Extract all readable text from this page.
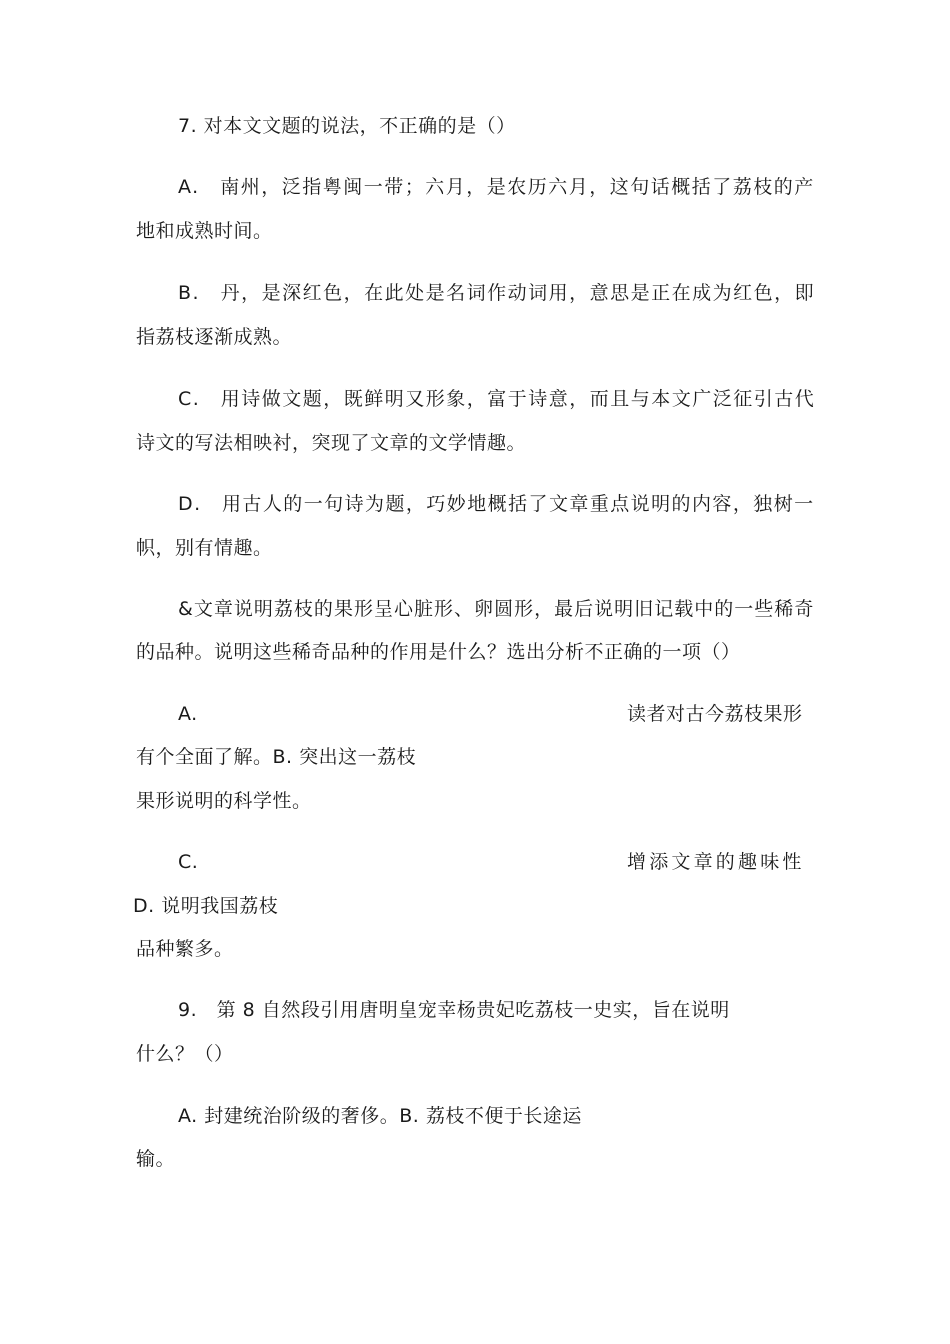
7. 对本文文题的说法，不正确的是（）
A.　南州，泛指粤闽一带；六月，是农历六月，这句话概括了荔枝的产
地和成熟时间。
B.　丹，是深红色，在此处是名词作动词用，意思是正在成为红色，即
指荔枝逐渐成熟。
C.　用诗做文题，既鲜明又形象，富于诗意，而且与本文广泛征引古代
诗文的写法相映衬，突现了文章的文学情趣。
D.　用古人的一句诗为题，巧妙地概括了文章重点说明的内容，独树一
帜，别有情趣。
&文章说明荔枝的果形呈心脏形、卵圆形，最后说明旧记载中的一些稀奇
的品种。说明这些稀奇品种的作用是什么？选出分析不正确的一项（）
A.	读者对古今荔枝果形
有个全面了解。B. 突出这一荔枝
果形说明的科学性。
C.	增添文章的趣味性
D. 说明我国荔枝
品种繁多。
9.　第 8 自然段引用唐明皇宠幸杨贵妃吃荔枝一史实，旨在说明
什么？（）
A. 封建统治阶级的奢侈。B. 荔枝不便于长途运
输。
